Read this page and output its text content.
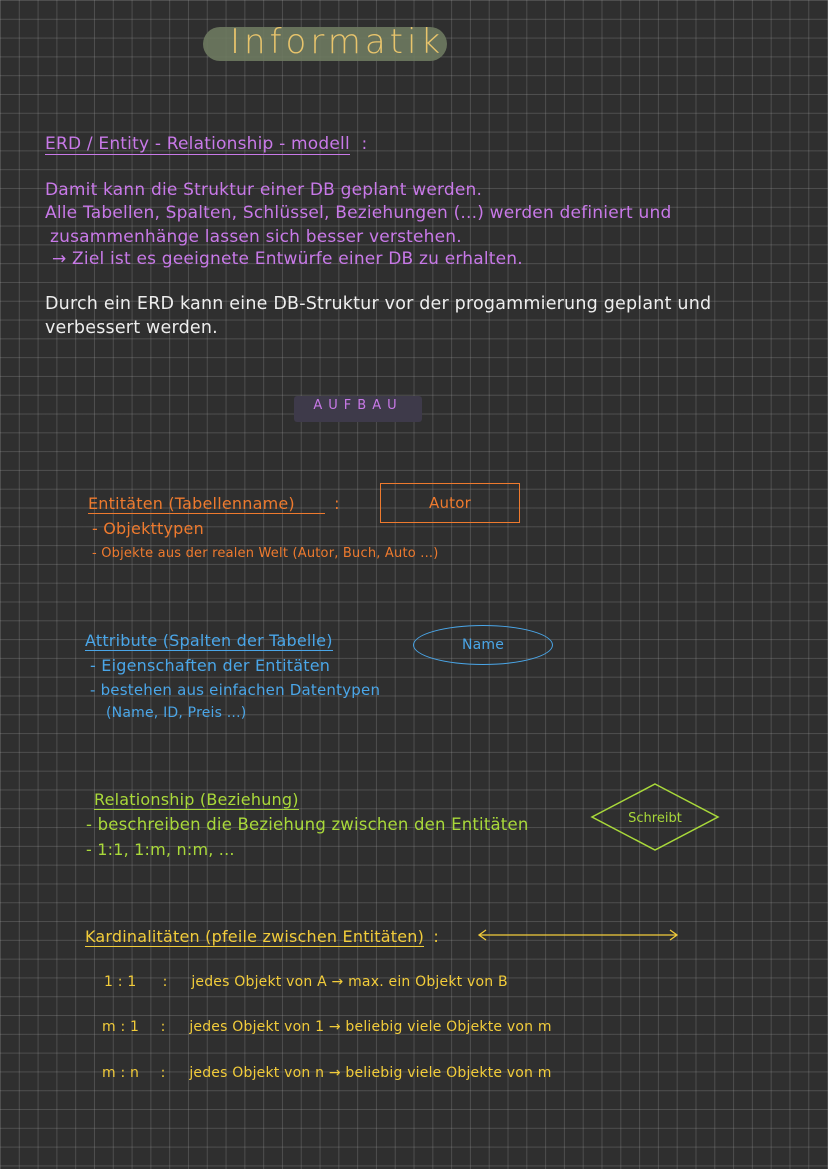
Informatik
ERD / Entity - Relationship - modell :
Damit kann die Struktur einer DB geplant werden.
Alle Tabellen, Spalten, Schlüssel, Beziehungen (...) werden definiert und
zusammenhänge lassen sich besser verstehen.
→ Ziel ist es geeignete Entwürfe einer DB zu erhalten.
Durch ein ERD kann eine DB-Struktur vor der progammierung geplant und
verbessert werden.
AUFBAU
Entitäten (Tabellenname) :
- Objekttypen
- Objekte aus der realen Welt (Autor, Buch, Auto ...)
Autor
Attribute (Spalten der Tabelle)
- Eigenschaften der Entitäten
- bestehen aus einfachen Datentypen
(Name, ID, Preis ...)
Name
Relationship (Beziehung)
- beschreiben die Beziehung zwischen den Entitäten
- 1:1, 1:m, n:m, ...
Schreibt
Kardinalitäten (pfeile zwischen Entitäten) :
1 : 1 : jedes Objekt von A → max. ein Objekt von B
m : 1 : jedes Objekt von 1 → beliebig viele Objekte von m
m : n : jedes Objekt von n → beliebig viele Objekte von m
